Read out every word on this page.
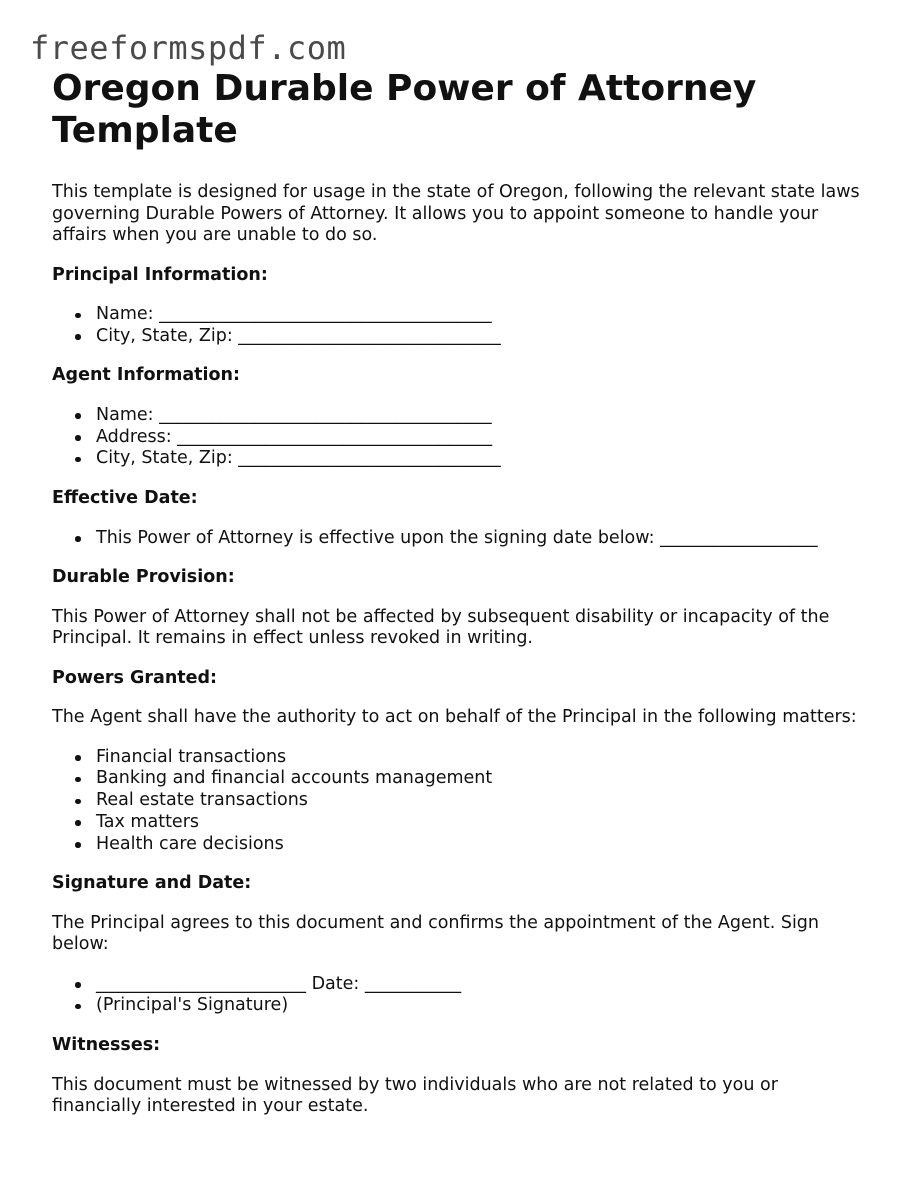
freeformspdf.com
Oregon Durable Power of Attorney Template

This template is designed for usage in the state of Oregon, following the relevant state laws governing Durable Powers of Attorney. It allows you to appoint someone to handle your affairs when you are unable to do so.

Principal Information:
Name: ______________________________________
City, State, Zip: ______________________________
Agent Information:
Name: ______________________________________
Address: ____________________________________
City, State, Zip: ______________________________
Effective Date:
This Power of Attorney is effective upon the signing date below: __________________
Durable Provision:

This Power of Attorney shall not be affected by subsequent disability or incapacity of the Principal. It remains in effect unless revoked in writing.

Powers Granted:

The Agent shall have the authority to act on behalf of the Principal in the following matters:

Financial transactions
Banking and financial accounts management
Real estate transactions
Tax matters
Health care decisions
Signature and Date:

The Principal agrees to this document and confirms the appointment of the Agent. Sign below:

________________________ Date: ___________
(Principal's Signature)
Witnesses:

This document must be witnessed by two individuals who are not related to you or financially interested in your estate.
